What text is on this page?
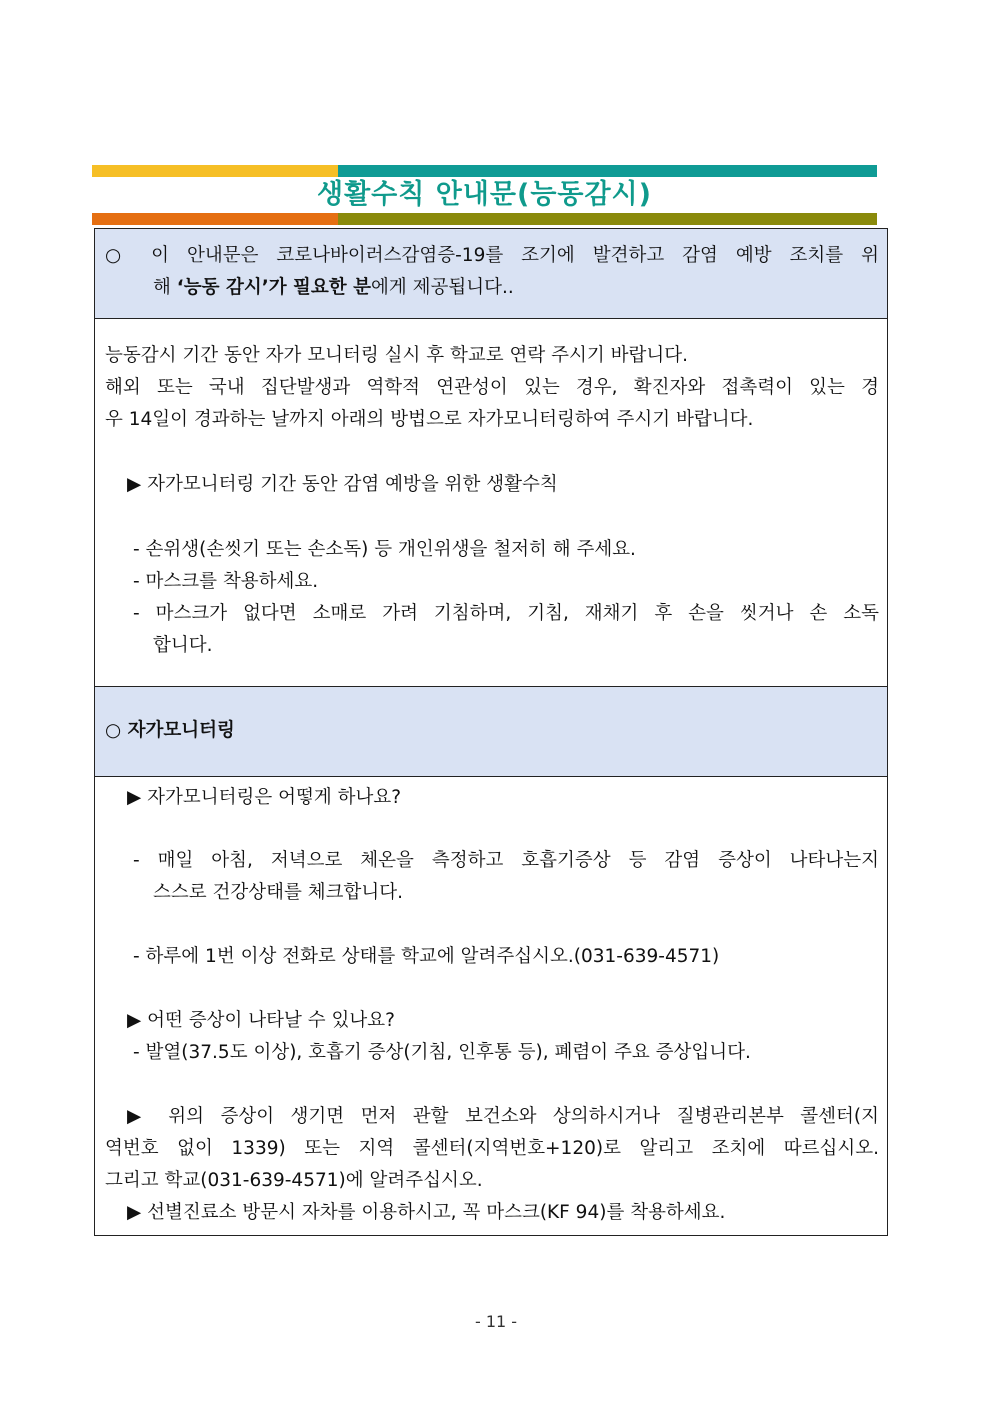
생활수칙 안내문(능동감시)
○ 이 안내문은 코로나바이러스감염증-19를 조기에 발견하고 감염 예방 조치를 위
해 ‘능동 감시’가 필요한 분에게 제공됩니다..
능동감시 기간 동안 자가 모니터링 실시 후 학교로 연락 주시기 바랍니다.
해외 또는 국내 집단발생과 역학적 연관성이 있는 경우, 확진자와 접촉력이 있는 경
우 14일이 경과하는 날까지 아래의 방법으로 자가모니터링하여 주시기 바랍니다.
▶ 자가모니터링 기간 동안 감염 예방을 위한 생활수칙
- 손위생(손씻기 또는 손소독) 등 개인위생을 철저히 해 주세요.
- 마스크를 착용하세요.
- 마스크가 없다면 소매로 가려 기침하며, 기침, 재채기 후 손을 씻거나 손 소독
합니다.
○ 자가모니터링
▶ 자가모니터링은 어떻게 하나요?
- 매일 아침, 저녁으로 체온을 측정하고 호흡기증상 등 감염 증상이 나타나는지
스스로 건강상태를 체크합니다.
- 하루에 1번 이상 전화로 상태를 학교에 알려주십시오.(031-639-4571)
▶ 어떤 증상이 나타날 수 있나요?
- 발열(37.5도 이상), 호흡기 증상(기침, 인후통 등), 폐렴이 주요 증상입니다.
▶ 위의 증상이 생기면 먼저 관할 보건소와 상의하시거나 질병관리본부 콜센터(지
역번호 없이 1339) 또는 지역 콜센터(지역번호+120)로 알리고 조치에 따르십시오.
그리고 학교(031-639-4571)에 알려주십시오.
▶ 선별진료소 방문시 자차를 이용하시고, 꼭 마스크(KF 94)를 착용하세요.
- 11 -
